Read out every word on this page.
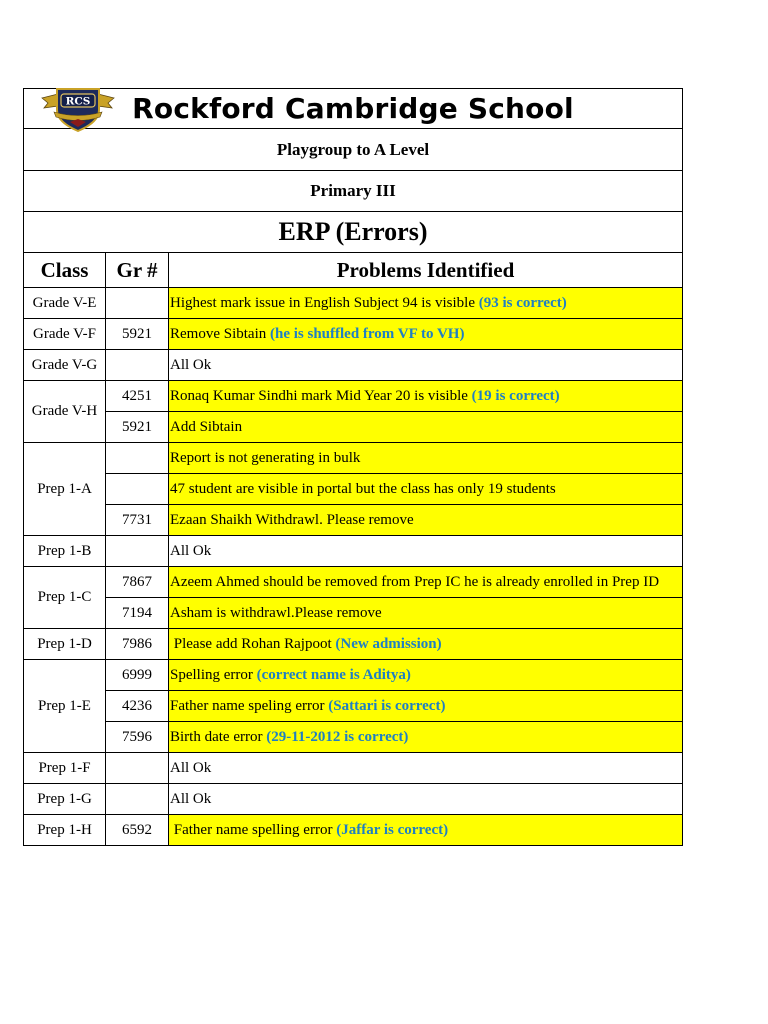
Rockford Cambridge School		
Playgroup to A Level		
Primary III		
ERP (Errors)		
Class	Gr #	Problems Identified
Grade V-E		Highest mark issue in English Subject 94 is visible (93 is correct)
Grade V-F	5921	Remove Sibtain (he is shuffled from VF to VH)
Grade V-G		All Ok
Grade V-H	4251	Ronaq Kumar Sindhi mark Mid Year 20 is visible (19 is correct)
	5921	Add Sibtain
Prep 1-A		Report is not generating in bulk
		47 student are visible in portal but the class has only 19 students
	7731	Ezaan Shaikh Withdrawl. Please remove
Prep 1-B		All Ok
Prep 1-C	7867	Azeem Ahmed should be removed from Prep IC he is already enrolled in Prep ID
	7194	Asham is withdrawl.Please remove
Prep 1-D	7986	Please add Rohan Rajpoot (New admission)
Prep 1-E	6999	Spelling error (correct name is Aditya)
	4236	Father name speling error (Sattari is correct)
	7596	Birth date error (29-11-2012 is correct)
Prep 1-F		All Ok
Prep 1-G		All Ok
Prep 1-H	6592	Father name spelling error (Jaffar is correct)
RCS
